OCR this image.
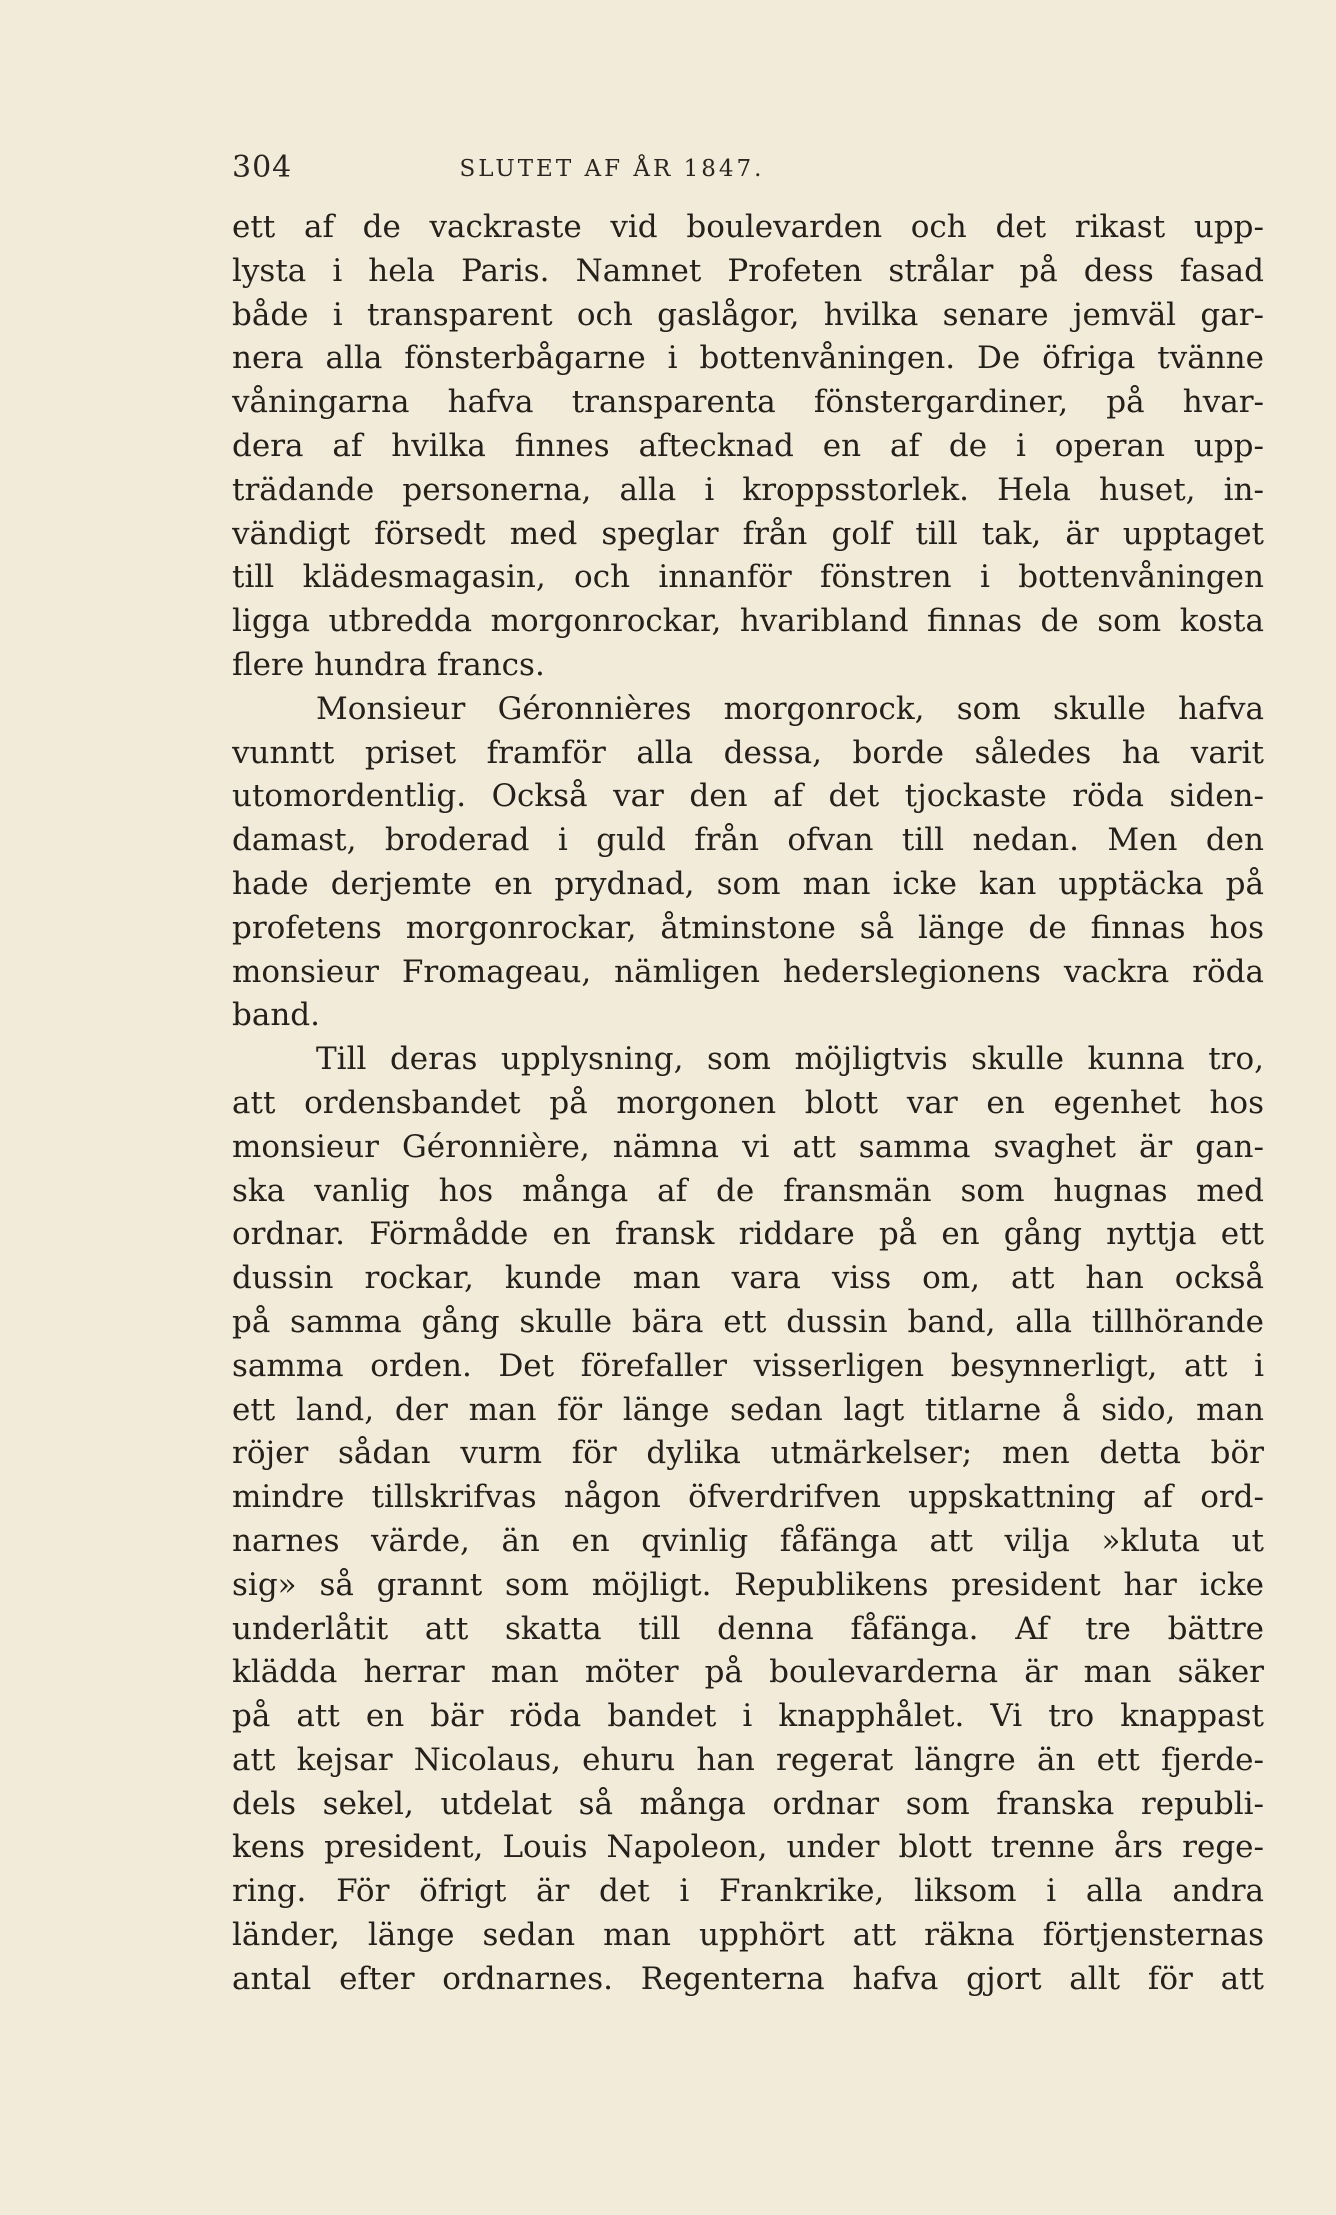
304	SLUTET AF ÅR 1847.
ett af de vackraste vid boulevarden och det rikast upp-
lysta i hela Paris. Namnet Profeten strålar på dess fasad
både i transparent och gaslågor, hvilka senare jemväl gar-
nera alla fönsterbågarne i bottenvåningen. De öfriga tvänne
våningarna hafva transparenta fönstergardiner, på hvar-
dera af hvilka finnes afteсknad en af de i operan upp-
trädande personerna, alla i kroppsstorlek. Hela huset, in-
vändigt försedt med speglar från golf till tak, är upptaget
till klädesmagasin, och innanför fönstren i bottenvåningen
ligga utbredda morgonrockar, hvaribland finnas de som kosta
flere hundra francs.
Monsieur Géronnières morgonrock, som skulle hafva
vunntt priset framför alla dessa, borde således ha varit
utomordentlig. Också var den af det tjockaste röda siden-
damast, broderad i guld från ofvan till nedan. Men den
hade derjemte en prydnad, som man icke kan upptäcka på
profetens morgonrockar, åtminstone så länge de finnas hos
monsieur Fromageau, nämligen hederslegionens vackra röda
band.
Till deras upplysning, som möjligtvis skulle kunna tro,
att ordensbandet på morgonen blott var en egenhet hos
monsieur Géronnière, nämna vi att samma svaghet är gan-
ska vanlig hos många af de fransmän som hugnas med
ordnar. Förmådde en fransk riddare på en gång nyttja ett
dussin rockar, kunde man vara viss om, att han också
på samma gång skulle bära ett dussin band, alla tillhörande
samma orden. Det förefaller visserligen besynnerligt, att i
ett land, der man för länge sedan lagt titlarne å sido, man
röjer sådan vurm för dylika utmärkelser; men detta bör
mindre tillskrifvas någon öfverdrifven uppskattning af ord-
narnes värde, än en qvinlig fåfänga att vilja »kluta ut
sig» så grannt som möjligt. Republikens president har icke
underlåtit att skatta till denna fåfänga. Af tre bättre
klädda herrar man möter på boulevarderna är man säker
på att en bär röda bandet i knapphålet. Vi tro knappast
att kejsar Nicolaus, ehuru han regerat längre än ett fjerde-
dels sekel, utdelat så många ordnar som franska republi-
kens president, Louis Napoleon, under blott trenne års rege-
ring. För öfrigt är det i Frankrike, liksom i alla andra
länder, länge sedan man upphört att räkna förtjensternas
antal efter ordnarnes. Regenterna hafva gjort allt för att
